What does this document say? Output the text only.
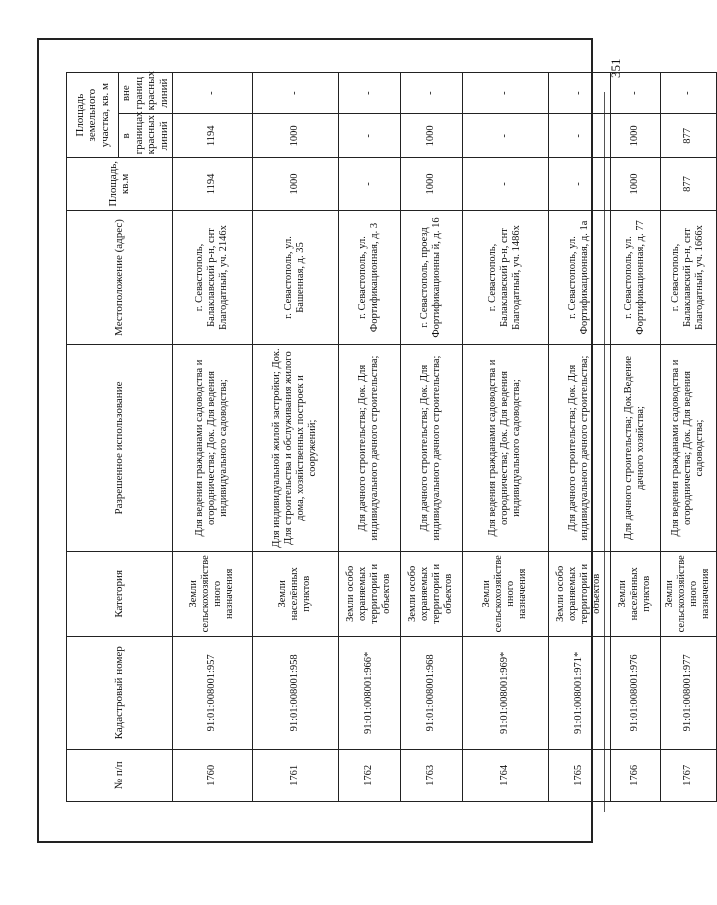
351
№ п/п	Кадастровый номер	Категория	Разрешенное использование	Местоположение (адрес)	Площадь, кв.м	Площадь земельного участка, кв. м	
						в границах красных линий	вне границ красных линий
1760	91:01:008001:957	Земли сельскохозяйстве нного назначения	Для ведения гражданами садоводства и огородничества; Док. Для ведения индивидуального садоводства;	г. Севастополь, Балаклавский р-н, снт Благодатный, уч. 2146х	1194	1194	-
1761	91:01:008001:958	Земли населённых пунктов	Для индивидуальной жилой застройки; Док. Для строительства и обслуживания жилого дома, хозяйственных построек и сооружений;	г. Севастополь, ул. Башенная, д. 35	1000	1000	-
1762	91:01:008001:966*	Земли особо охраняемых территорий и объектов	Для дачного строительства; Док. Для индивидуального дачного строительства;	г. Севастополь, ул. Фортификационная, д. 3	-	-	-
1763	91:01:008001:968	Земли особо охраняемых территорий и объектов	Для дачного строительства; Док. Для индивидуального дачного строительства;	г. Севастополь, проезд Фортификационны й, д. 16	1000	1000	-
1764	91:01:008001:969*	Земли сельскохозяйстве нного назначения	Для ведения гражданами садоводства и огородничества; Док. Для ведения индивидуального садоводства;	г. Севастополь, Балаклавский р-н, снт Благодатный, уч. 1486х	-	-	-
1765	91:01:008001:971*	Земли особо охраняемых территорий и объектов	Для дачного строительства; Док. Для индивидуального дачного строительства;	г. Севастополь, ул. Фортификационная, д. 1а	-	-	-
1766	91:01:008001:976	Земли населённых пунктов	Для дачного строительства; Док.Ведение дачного хозяйства;	г. Севастополь, ул. Фортификационная, д. 77	1000	1000	-
1767	91:01:008001:977	Земли сельскохозяйстве нного назначения	Для ведения гражданами садоводства и огородничества; Док. Для ведения садоводства;	г. Севастополь, Балаклавский р-н, снт Благодатный, уч. 1666х	877	877	-
